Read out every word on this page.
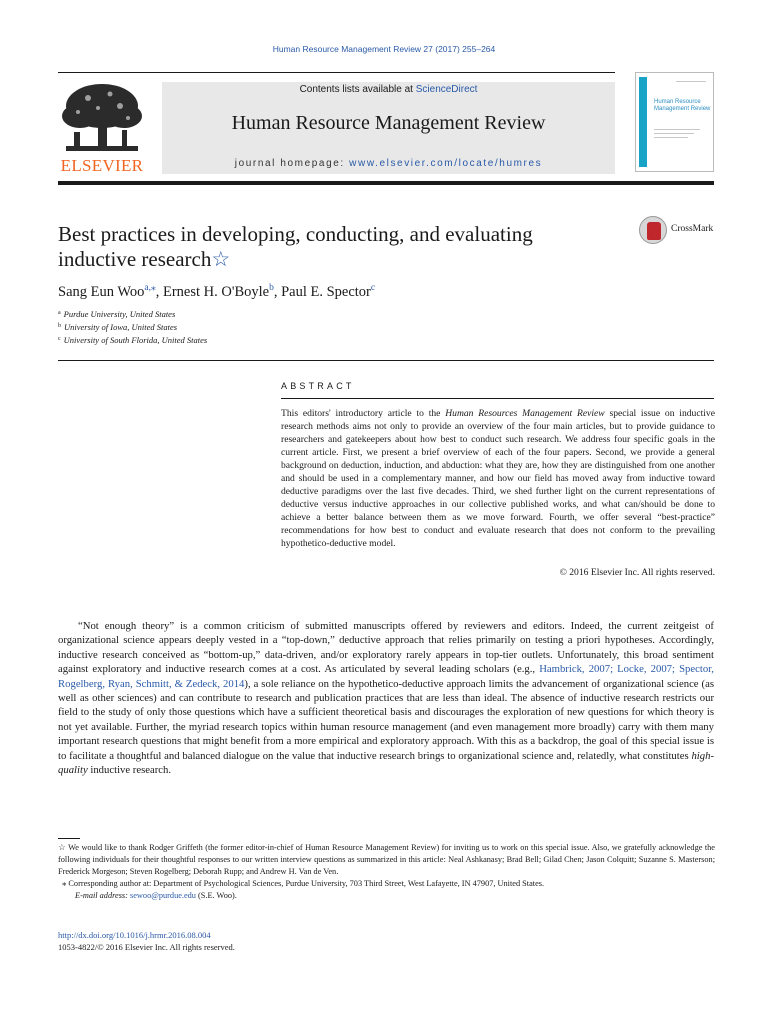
Human Resource Management Review 27 (2017) 255–264
ELSEVIER
Contents lists available at ScienceDirect
Human Resource Management Review
journal homepage: www.elsevier.com/locate/humres
Human Resource Management Review
Best practices in developing, conducting, and evaluating inductive research☆
CrossMark
Sang Eun Woo$^{a,⁎}$, Ernest H. O'Boyle$^b$, Paul E. Spector$^c$
$^a$ Purdue University, United States
$^b$ University of Iowa, United States
$^c$ University of South Florida, United States
ABSTRACT
This editors' introductory article to the Human Resources Management Review special issue on inductive research methods aims not only to provide an overview of the four main articles, but to provide guidance to researchers and gatekeepers about how best to conduct such research. We address four specific goals in the current article. First, we present a brief overview of each of the four papers. Second, we provide a general background on deduction, induction, and abduction: what they are, how they are distinguished from one another and should be used in a complementary manner, and how our field has moved away from inductive toward deductive paradigms over the last five decades. Third, we shed further light on the current representations of deductive versus inductive approaches in our collective published works, and what can/should be done to achieve a better balance between them as we move forward. Fourth, we offer several “best-practice” recommendations for how best to conduct and evaluate research that does not conform to the prevailing hypothetico-deductive model.
© 2016 Elsevier Inc. All rights reserved.
“Not enough theory” is a common criticism of submitted manuscripts offered by reviewers and editors. Indeed, the current zeitgeist of organizational science appears deeply vested in a “top-down,” deductive approach that relies primarily on testing a priori hypotheses. Accordingly, inductive research conceived as “bottom-up,” data-driven, and/or exploratory rarely appears in top-tier outlets. Unfortunately, this broad sentiment against exploratory and inductive research comes at a cost. As articulated by several leading scholars (e.g., Hambrick, 2007; Locke, 2007; Spector, Rogelberg, Ryan, Schmitt, & Zedeck, 2014), a sole reliance on the hypothetico-deductive approach limits the advancement of organizational science (as well as other sciences) and can contribute to research and publication practices that are less than ideal. The absence of inductive research restricts our field to the study of only those questions which have a sufficient theoretical basis and discourages the exploration of new questions for which theory is not yet available. Further, the myriad research topics within human resource management (and even management more broadly) carry with them many important research questions that might benefit from a more empirical and exploratory approach. With this as a backdrop, the goal of this special issue is to facilitate a thoughtful and balanced dialogue on the value that inductive research brings to organizational science and, relatedly, what constitutes high-quality inductive research.
☆ We would like to thank Rodger Griffeth (the former editor-in-chief of Human Resource Management Review) for inviting us to work on this special issue. Also, we gratefully acknowledge the following individuals for their thoughtful responses to our written interview questions as summarized in this article: Neal Ashkanasy; Brad Bell; Gilad Chen; Jason Colquitt; Suzanne S. Masterson; Frederick Morgeson; Steven Rogelberg; Deborah Rupp; and Andrew H. Van de Ven.
⁎ Corresponding author at: Department of Psychological Sciences, Purdue University, 703 Third Street, West Lafayette, IN 47907, United States.
E-mail address: sewoo@purdue.edu (S.E. Woo).
http://dx.doi.org/10.1016/j.hrmr.2016.08.004
1053-4822/© 2016 Elsevier Inc. All rights reserved.
